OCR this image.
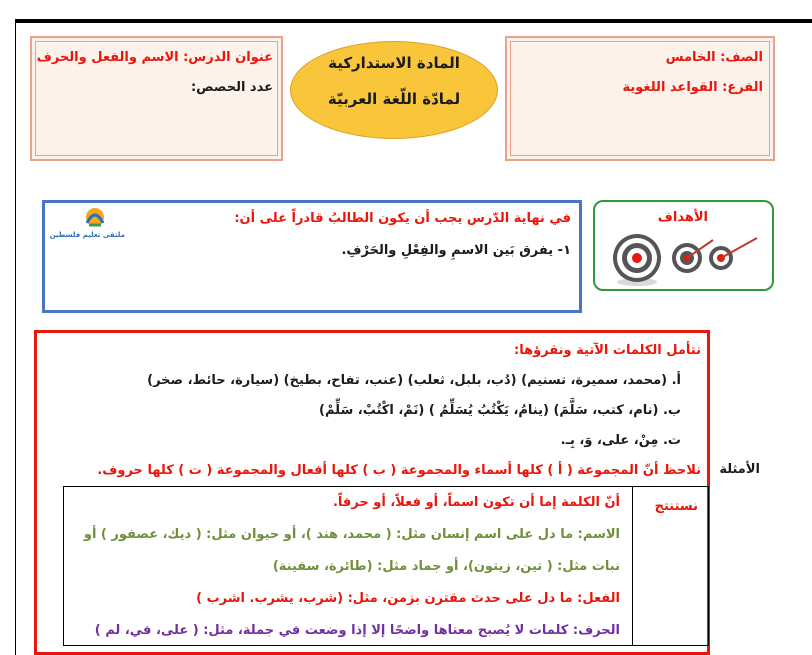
الصف: الخامس
الفرع: القواعد اللغوية
المادة الاستداركية
لمادّة اللّغة العربيّة
عنوان الدرس: الاسم والفعل والحرف
عدد الحصص:
الأهداف
في نهاية الدّرس يجب أن يكون الطالبُ قادراً على أن:
١- يفرق بَين الاسمِ والفِعْلِ والحَرْفِ.
ملتقى تعليم فلسطين
الأمثلة
نتأمل الكلمات الآتية ونقرؤها:
أ. (محمد، سميرة، تسنيم) (دُب، بلبل، ثعلب) (عنب، تفاح، بطيخ) (سيارة، حائط، صخر)
ب. (نام، كتب، سَلَّمَ) (ينامُ، يَكْتُبُ يُسَلِّمُ ) (نَمْ، اكْتُبْ، سَلِّمْ)
ت. مِنْ، على، وَ، بِـ.
نلاحظ أنّ المجموعة ( أ ) كلها أسماء والمجموعة ( ب ) كلها أفعال والمجموعة ( ت ) كلها حروف.
نستنتج
أنّ الكلمة إما أن تكون اسماً، أو فعلاً، أو حرفاً.
الاسم: ما دل على اسم إنسان مثل: ( محمد، هند )، أو حيوان مثل: ( ديك، عصفور ) أو
نبات مثل: ( تين، زيتون)، أو جماد مثل: (طائرة، سفينة)
الفعل: ما دل على حدث مقترن بزمن، مثل: (شرب، يشرب. اشرب )
الحرف: كلمات لا يُصبح معناها واضحًا إلا إذا وضعت في جملة، مثل: ( على، في، لم )
